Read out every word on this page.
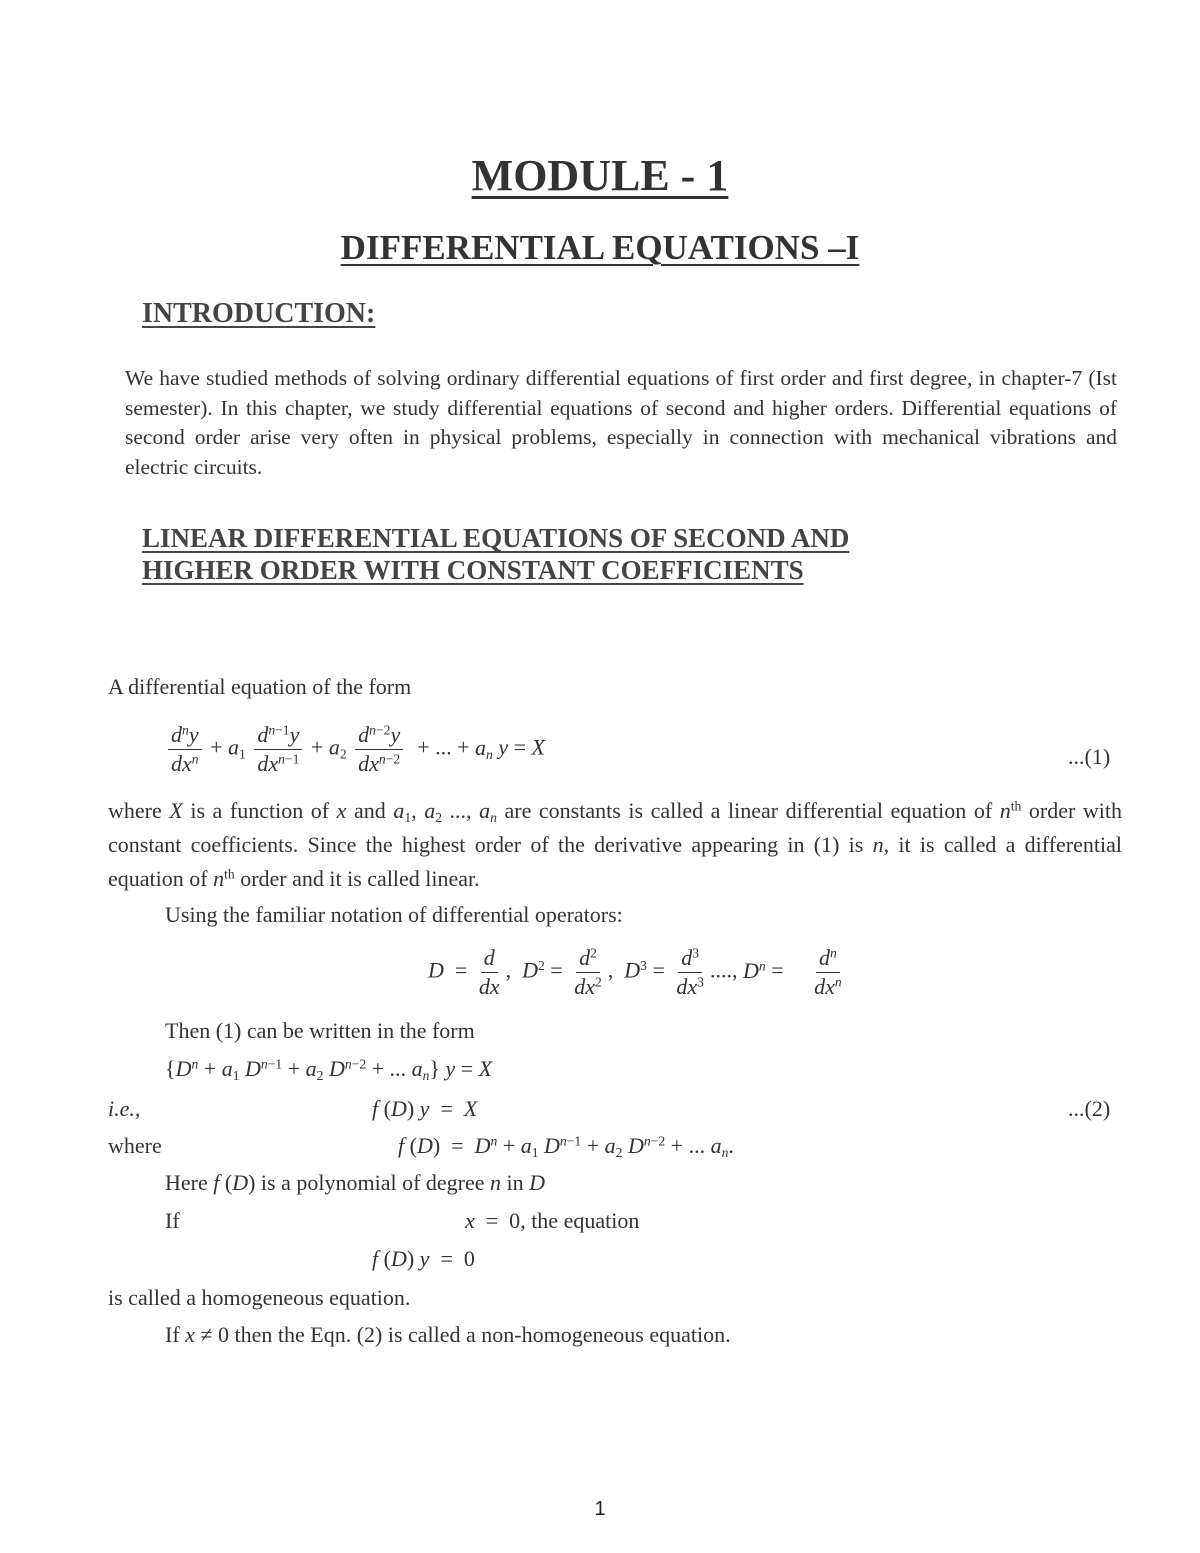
MODULE - 1
DIFFERENTIAL EQUATIONS –I
INTRODUCTION:
We have studied methods of solving ordinary differential equations of first order and first degree, in chapter-7 (Ist semester). In this chapter, we study differential equations of second and higher orders. Differential equations of second order arise very often in physical problems, especially in connection with mechanical vibrations and electric circuits.
LINEAR DIFFERENTIAL EQUATIONS OF SECOND AND
HIGHER ORDER WITH CONSTANT COEFFICIENTS
A differential equation of the form
$\frac{d^ny}{dx^n} + a_1 \frac{d^{n-1}y}{dx^{n-1}} + a_2 \frac{d^{n-2}y}{dx^{n-2}}$ + ... + $a_n$ y = X	...(1)
where X is a function of x and $a_1$, $a_2$ ..., $a_n$ are constants is called a linear differential equation of $n^{th}$ order with constant coefficients. Since the highest order of the derivative appearing in (1) is n, it is called a differential equation of $n^{th}$ order and it is called linear.
Using the familiar notation of differential operators:
$D = \frac{d}{dx}$ ,  $D^2 = \frac{d^2}{dx^2}$ ,  $D^3 = \frac{d^3}{dx^3}$ ...., $D^n = \frac{d^n}{dx^n}$
Then (1) can be written in the form
{$D^n + a_1$ $D^{n-1} + a_2$ $D^{n-2}$ + ... $a_n$} y = X
i.e.,	f (D) y  =  X	...(2)
where	f $(D) = D^n + a_1$ $D^{n-1} + a_2$ $D^{n-2}$ + ... $a_n$.
Here f (D) is a polynomial of degree n in D
If	x  =  0, the equation
f (D) y  =  0
is called a homogeneous equation.
If x ≠ 0 then the Eqn. (2) is called a non-homogeneous equation.
1
